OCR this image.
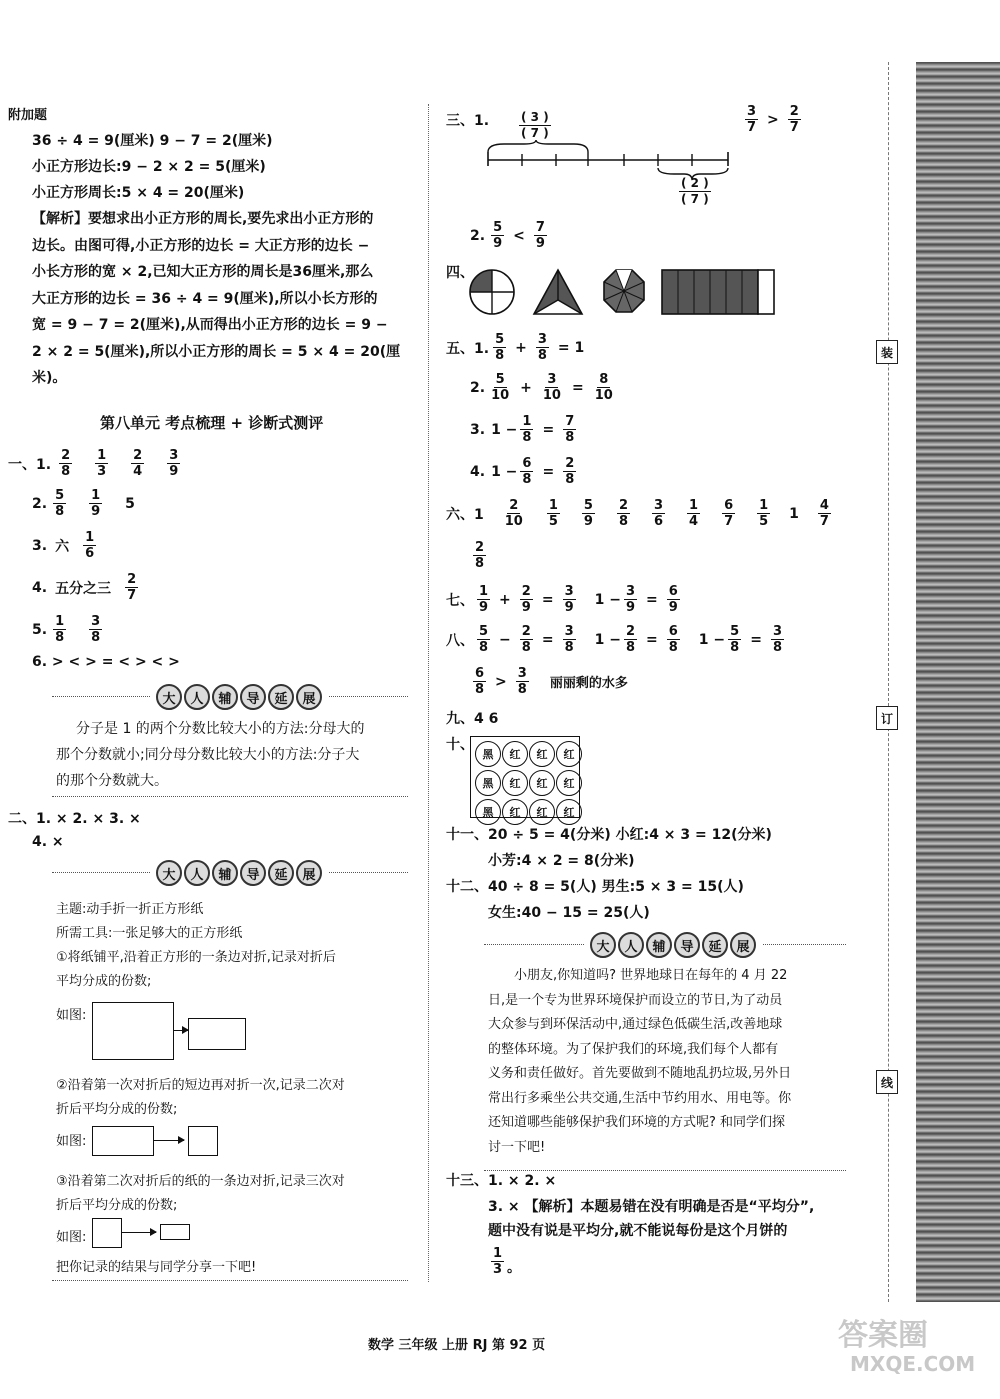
附加题
36 ÷ 4 = 9(厘米) 9 − 7 = 2(厘米)
小正方形边长:9 − 2 × 2 = 5(厘米)
小正方形周长:5 × 4 = 20(厘米)
【解析】要想求出小正方形的周长,要先求出小正方形的
边长。由图可得,小正方形的边长 = 大正方形的边长 −
小长方形的宽 × 2,已知大正方形的周长是36厘米,那么
大正方形的边长 = 36 ÷ 4 = 9(厘米),所以小长方形的
宽 = 9 − 7 = 2(厘米),从而得出小正方形的边长 = 9 −
2 × 2 = 5(厘米),所以小正方形的周长 = 5 × 4 = 20(厘
米)。
第八单元 考点梳理 + 诊断式测评
一、1.
2
8
1
3
2
4
3
9
2. 5
8
1
9 5
3. 六
1
6
4. 五分之三
2
7
5. 1
8
3
8
6. > < > = < > < >
大	人	辅	导	延	展
分子是 1 的两个分数比较大小的方法:分母大的
那个分数就小;同分母分数比较大小的方法:分子大
的那个分数就大。
二、1. × 2. × 3. ×
4. ×
大	人	辅	导	延	展
主题:动手折一折正方形纸
所需工具:一张足够大的正方形纸
①将纸铺平,沿着正方形的一条边对折,记录对折后
平均分成的份数;
如图:
②沿着第一次对折后的短边再对折一次,记录二次对
折后平均分成的份数;
如图:
③沿着第二次对折后的纸的一条边对折,记录三次对
折后平均分成的份数;
如图:
把你记录的结果与同学分享一下吧!
三、1. $\frac{( 3 )}{( 7 )}$
$\frac{( 2 )}{( 7 )}$
3
7 > 2
7
2. 5
9 < 7
9
四、
五、1.
5
$8 + \frac{3}{8} = 1$
2. 5
$10 + \frac{3}{10} = \frac{8}{10}$
3. $1 - \frac{1}{8} = \frac{7}{8}$
4. $1 - \frac{6}{8} = \frac{2}{8}$
六、1
2
10
1
5
5
9
2
8
3
6
1
4
6
7
1
5 1 4
7
$\frac{2}{8}$
七、
1
$9 + \frac{2}{9} = \frac{3}{9} 1 - \frac{3}{9} = \frac{6}{9}$
八、
5
$8 - \frac{2}{8} = \frac{3}{8} 1 - \frac{2}{8} = \frac{6}{8} 1 - \frac{5}{8} = \frac{3}{8}$
6
8 > 3
8 丽丽剩的水多
九、4 6
十、
黑	红	红	红
黑	红	红	红
黑	红	红	红
十一、20 ÷ 5 = 4(分米) 小红:4 × 3 = 12(分米)
小芳:4 × 2 = 8(分米)
十二、40 ÷ 8 = 5(人) 男生:5 × 3 = 15(人)
女生:40 − 15 = 25(人)
大	人	辅	导	延	展
小朋友,你知道吗? 世界地球日在每年的 4 月 22
日,是一个专为世界环境保护而设立的节日,为了动员
大众参与到环保活动中,通过绿色低碳生活,改善地球
的整体环境。为了保护我们的环境,我们每个人都有
义务和责任做好。首先要做到不随地乱扔垃圾,另外日
常出行多乘坐公共交通,生活中节约用水、用电等。你
还知道哪些能够保护我们环境的方式呢? 和同学们探
讨一下吧!
十三、1. × 2. ×
3. × 【解析】本题易错在没有明确是否是“平均分”,
题中没有说是平均分,就不能说每份是这个月饼的
1
3 。
装
订
线
数学 三年级 上册 RJ 第 92 页	答案圈
MXQE.COM
